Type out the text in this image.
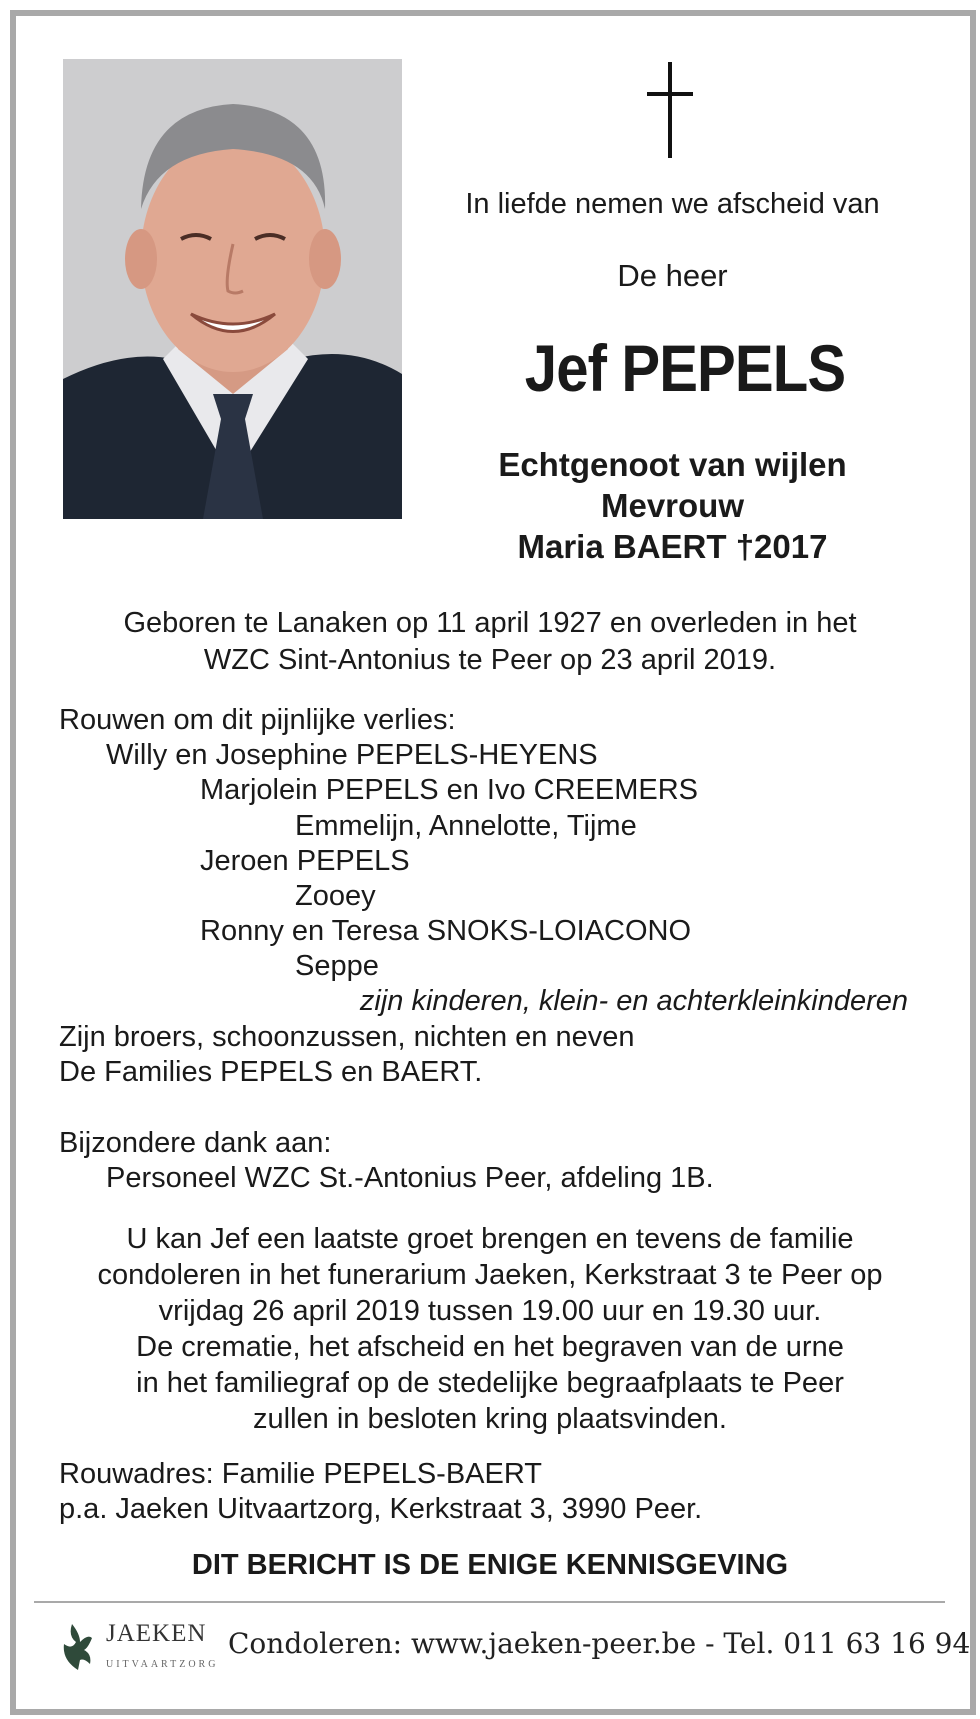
In liefde nemen we afscheid van

De heer

Jef PEPELS

Echtgenoot van wijlen
Mevrouw
Maria BAERT †2017
Geboren te Lanaken op 11 april 1927 en overleden in het
WZC Sint-Antonius te Peer op 23 april 2019.

Rouwen om dit pijnlijke verlies:

Willy en Josephine PEPELS-HEYENS

Marjolein PEPELS en Ivo CREEMERS

Emmelijn, Annelotte, Tijme

Jeroen PEPELS

Zooey

Ronny en Teresa SNOKS-LOIACONO

Seppe

zijn kinderen, klein- en achterkleinkinderen

Zijn broers, schoonzussen, nichten en neven

De Families PEPELS en BAERT.

Bijzondere dank aan:

Personeel WZC St.-Antonius Peer, afdeling 1B.

U kan Jef een laatste groet brengen en tevens de familie
condoleren in het funerarium Jaeken, Kerkstraat 3 te Peer op
vrijdag 26 april 2019 tussen 19.00 uur en 19.30 uur.
De crematie, het afscheid en het begraven van de urne
in het familiegraf op de stedelijke begraafplaats te Peer
zullen in besloten kring plaatsvinden.

Rouwadres: Familie PEPELS-BAERT

p.a. Jaeken Uitvaartzorg, Kerkstraat 3, 3990 Peer.

DIT BERICHT IS DE ENIGE KENNISGEVING

JAEKEN
UITVAARTZORG

Condoleren: www.jaeken-peer.be - Tel. 011 63 16 94
